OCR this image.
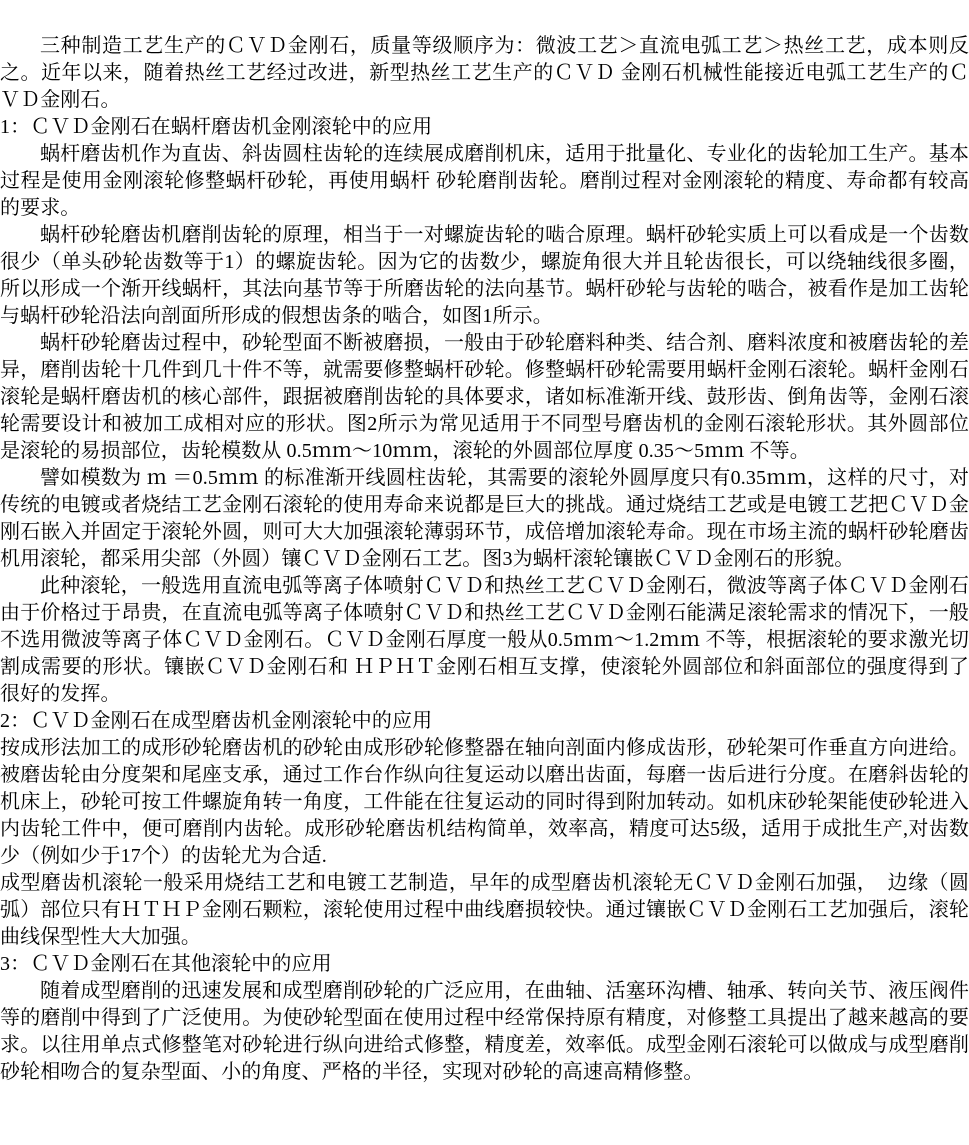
三种制造工艺生产的ＣＶＤ金刚石，质量等级顺序为：微波工艺＞直流电弧工艺＞热丝工艺，成本则反之。近年以来，随着热丝工艺经过改进，新型热丝工艺生产的ＣＶＤ 金刚石机械性能接近电弧工艺生产的ＣＶＤ金刚石。

1：ＣＶＤ金刚石在蜗杆磨齿机金刚滚轮中的应用

蜗杆磨齿机作为直齿、斜齿圆柱齿轮的连续展成磨削机床，适用于批量化、专业化的齿轮加工生产。基本过程是使用金刚滚轮修整蜗杆砂轮，再使用蜗杆 砂轮磨削齿轮。磨削过程对金刚滚轮的精度、寿命都有较高的要求。

蜗杆砂轮磨齿机磨削齿轮的原理，相当于一对螺旋齿轮的啮合原理。蜗杆砂轮实质上可以看成是一个齿数很少（单头砂轮齿数等于1）的螺旋齿轮。因为它的齿数少，螺旋角很大并且轮齿很长，可以绕轴线很多圈，所以形成一个渐开线蜗杆，其法向基节等于所磨齿轮的法向基节。蜗杆砂轮与齿轮的啮合，被看作是加工齿轮与蜗杆砂轮沿法向剖面所形成的假想齿条的啮合，如图1所示。

蜗杆砂轮磨齿过程中，砂轮型面不断被磨损，一般由于砂轮磨料种类、结合剂、磨料浓度和被磨齿轮的差异，磨削齿轮十几件到几十件不等，就需要修整蜗杆砂轮。修整蜗杆砂轮需要用蜗杆金刚石滚轮。蜗杆金刚石滚轮是蜗杆磨齿机的核心部件，跟据被磨削齿轮的具体要求，诸如标准渐开线、鼓形齿、倒角齿等，金刚石滚轮需要设计和被加工成相对应的形状。图2所示为常见适用于不同型号磨齿机的金刚石滚轮形状。其外圆部位是滚轮的易损部位，齿轮模数从 0.5ｍｍ～10ｍｍ，滚轮的外圆部位厚度 0.35～5ｍｍ 不等。

譬如模数为 ｍ ＝0.5ｍｍ 的标准渐开线圆柱齿轮，其需要的滚轮外圆厚度只有0.35ｍｍ，这样的尺寸，对传统的电镀或者烧结工艺金刚石滚轮的使用寿命来说都是巨大的挑战。通过烧结工艺或是电镀工艺把ＣＶＤ金刚石嵌入并固定于滚轮外圆，则可大大加强滚轮薄弱环节，成倍增加滚轮寿命。现在市场主流的蜗杆砂轮磨齿机用滚轮，都采用尖部（外圆）镶ＣＶＤ金刚石工艺。图3为蜗杆滚轮镶嵌ＣＶＤ金刚石的形貌。

此种滚轮，一般选用直流电弧等离子体喷射ＣＶＤ和热丝工艺ＣＶＤ金刚石，微波等离子体ＣＶＤ金刚石由于价格过于昂贵，在直流电弧等离子体喷射ＣＶＤ和热丝工艺ＣＶＤ金刚石能满足滚轮需求的情况下，一般不选用微波等离子体ＣＶＤ金刚石。ＣＶＤ金刚石厚度一般从0.5ｍｍ～1.2ｍｍ 不等，根据滚轮的要求激光切割成需要的形状。镶嵌ＣＶＤ金刚石和 ＨＰＨＴ金刚石相互支撑，使滚轮外圆部位和斜面部位的强度得到了很好的发挥。

2：ＣＶＤ金刚石在成型磨齿机金刚滚轮中的应用

按成形法加工的成形砂轮磨齿机的砂轮由成形砂轮修整器在轴向剖面内修成齿形，砂轮架可作垂直方向进给。被磨齿轮由分度架和尾座支承，通过工作台作纵向往复运动以磨出齿面，每磨一齿后进行分度。在磨斜齿轮的机床上，砂轮可按工件螺旋角转一角度，工件能在往复运动的同时得到附加转动。如机床砂轮架能使砂轮进入内齿轮工件中，便可磨削内齿轮。成形砂轮磨齿机结构简单，效率高，精度可达5级，适用于成批生产,对齿数少（例如少于17个）的齿轮尤为合适.

成型磨齿机滚轮一般采用烧结工艺和电镀工艺制造，早年的成型磨齿机滚轮无ＣＶＤ金刚石加强，　边缘（圆弧）部位只有ＨＴＨＰ金刚石颗粒，滚轮使用过程中曲线磨损较快。通过镶嵌ＣＶＤ金刚石工艺加强后，滚轮曲线保型性大大加强。

3：ＣＶＤ金刚石在其他滚轮中的应用

随着成型磨削的迅速发展和成型磨削砂轮的广泛应用，在曲轴、活塞环沟槽、轴承、转向关节、液压阀件等的磨削中得到了广泛使用。为使砂轮型面在使用过程中经常保持原有精度，对修整工具提出了越来越高的要求。以往用单点式修整笔对砂轮进行纵向进给式修整，精度差，效率低。成型金刚石滚轮可以做成与成型磨削砂轮相吻合的复杂型面、小的角度、严格的半径，实现对砂轮的高速高精修整。
